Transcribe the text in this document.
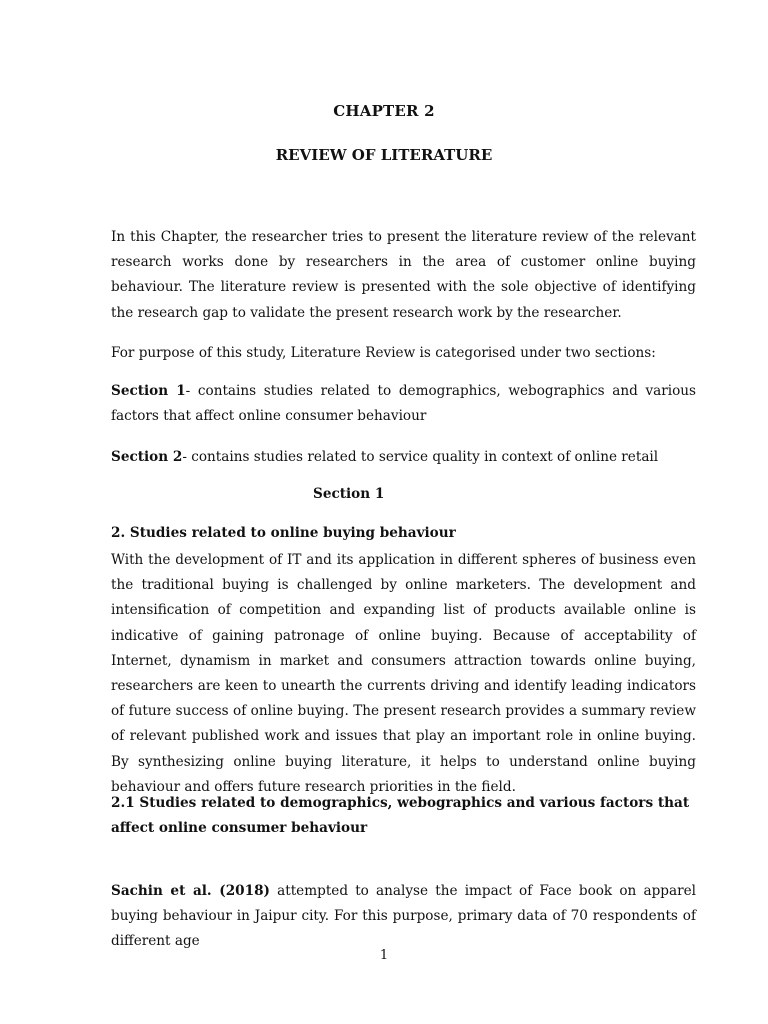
CHAPTER 2
REVIEW OF LITERATURE

In this Chapter, the researcher tries to present the literature review of the relevant research works done by researchers in the area of customer online buying behaviour. The literature review is presented with the sole objective of identifying the research gap to validate the present research work by the researcher.

For purpose of this study, Literature Review is categorised under two sections:

Section 1- contains studies related to demographics, webographics and various factors that affect online consumer behaviour

Section 2- contains studies related to service quality in context of online retail

Section 1
2. Studies related to online buying behaviour

With the development of IT and its application in different spheres of business even the traditional buying is challenged by online marketers. The development and intensification of competition and expanding list of products available online is indicative of gaining patronage of online buying. Because of acceptability of Internet, dynamism in market and consumers attraction towards online buying, researchers are keen to unearth the currents driving and identify leading indicators of future success of online buying. The present research provides a summary review of relevant published work and issues that play an important role in online buying. By synthesizing online buying literature, it helps to understand online buying behaviour and offers future research priorities in the field.

2.1 Studies related to demographics, webographics and various factors that affect online consumer behaviour

Sachin et al. (2018) attempted to analyse the impact of Face book on apparel buying behaviour in Jaipur city. For this purpose, primary data of 70 respondents of different age

1
